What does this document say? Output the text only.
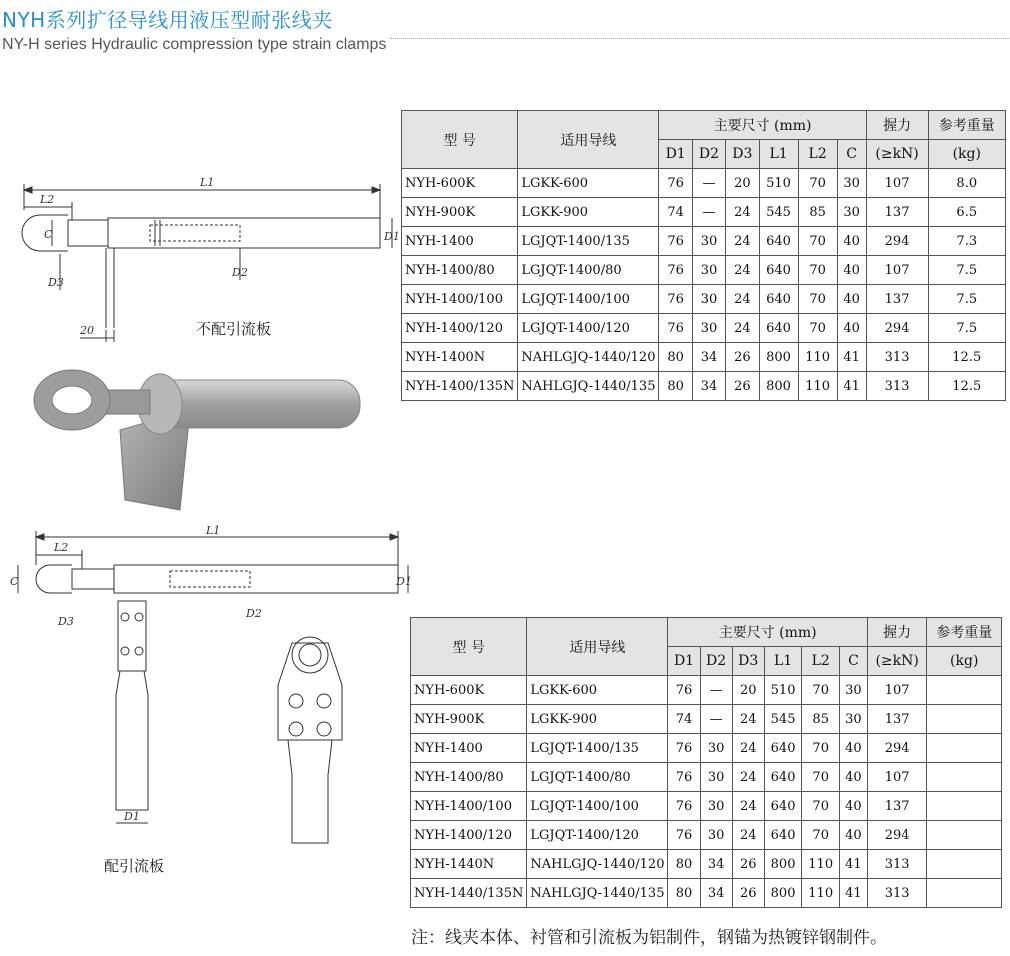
NYH系列扩径导线用液压型耐张线夹
NY-H series Hydraulic compression type strain clamps
L1
L2
C	D1
D2
D3
20	不配引流板
L1
L2
C	D1
D2
D3
D1
配引流板
型 号	适用导线	主要尺寸 (mm)						握力	参考重量
		D1	D2	D3	L1	L2	C	(≥kN)	(kg)
NYH-600K	LGKK-600	76	—	20	510	70	30	107	8.0
NYH-900K	LGKK-900	74	—	24	545	85	30	137	6.5
NYH-1400	LGJQT-1400/135	76	30	24	640	70	40	294	7.3
NYH-1400/80	LGJQT-1400/80	76	30	24	640	70	40	107	7.5
NYH-1400/100	LGJQT-1400/100	76	30	24	640	70	40	137	7.5
NYH-1400/120	LGJQT-1400/120	76	30	24	640	70	40	294	7.5
NYH-1400N	NAHLGJQ-1440/120	80	34	26	800	110	41	313	12.5
NYH-1400/135N	NAHLGJQ-1440/135	80	34	26	800	110	41	313	12.5
型 号	适用导线	主要尺寸 (mm)						握力	参考重量
		D1	D2	D3	L1	L2	C	(≥kN)	(kg)
NYH-600K	LGKK-600	76	—	20	510	70	30	107	
NYH-900K	LGKK-900	74	—	24	545	85	30	137	
NYH-1400	LGJQT-1400/135	76	30	24	640	70	40	294	
NYH-1400/80	LGJQT-1400/80	76	30	24	640	70	40	107	
NYH-1400/100	LGJQT-1400/100	76	30	24	640	70	40	137	
NYH-1400/120	LGJQT-1400/120	76	30	24	640	70	40	294	
NYH-1440N	NAHLGJQ-1440/120	80	34	26	800	110	41	313	
NYH-1440/135N	NAHLGJQ-1440/135	80	34	26	800	110	41	313	
注：线夹本体、衬管和引流板为铝制件，钢锚为热镀锌钢制件。
